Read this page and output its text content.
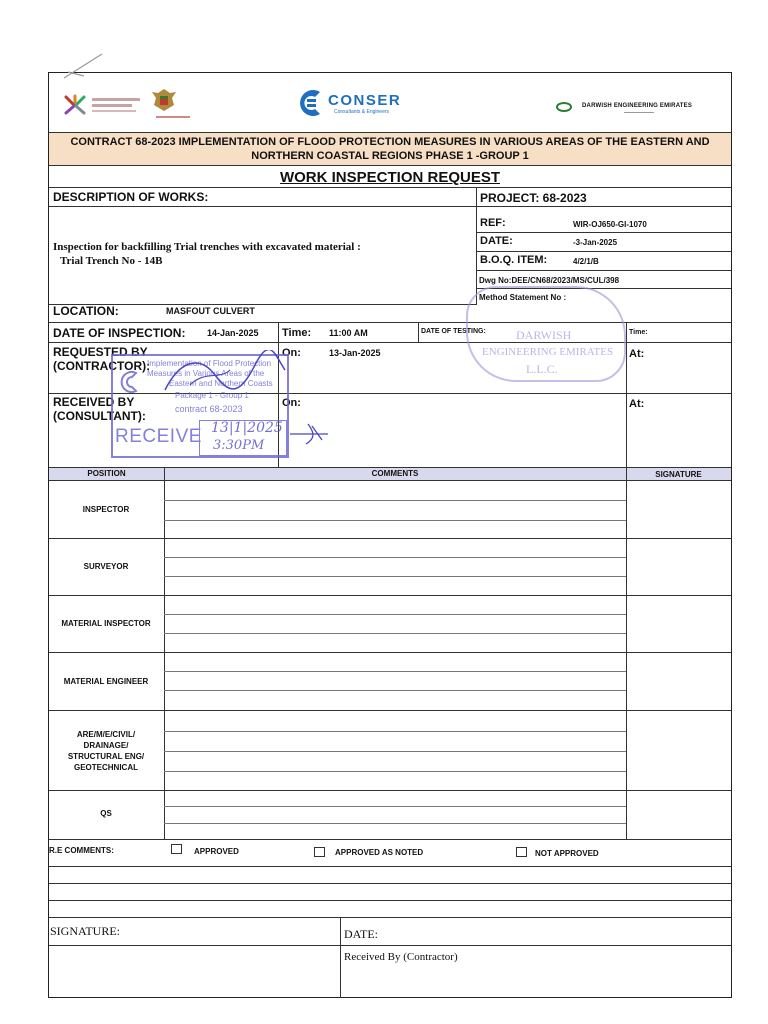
CONSER
Consultants & Engineers
DARWISH ENGINEERING EMIRATES
CONTRACT 68-2023 IMPLEMENTATION OF FLOOD PROTECTION MEASURES IN VARIOUS AREAS OF THE EASTERN AND NORTHERN COASTAL REGIONS PHASE 1 -GROUP 1
WORK INSPECTION REQUEST
DESCRIPTION OF WORKS:	PROJECT: 68-2023
Inspection for backfilling Trial trenches with excavated material :
Trial Trench No - 14B
REF:	WIR-OJ650-GI-1070
DATE:	-3-Jan-2025
B.O.Q. ITEM:	4/2/1/B
Dwg No:DEE/CN68/2023/MS/CUL/398
Method Statement No :
LOCATION:	MASFOUT CULVERT
DATE OF INSPECTION: 14-Jan-2025 Time: 11:00 AM	DATE OF TESTING:	Time:
REQUESTED BY
(CONTRACTOR):
On:	13-Jan-2025	At:
RECEIVED BY
(CONSULTANT):
On:	At:
POSITION	COMMENTS	SIGNATURE
INSPECTOR
SURVEYOR
MATERIAL INSPECTOR
MATERIAL ENGINEER
ARE/M/E/CIVIL/
DRAINAGE/
STRUCTURAL ENG/
GEOTECHNICAL
QS
R.E COMMENTS:	APPROVED	APPROVED AS NOTED	NOT APPROVED
SIGNATURE:	DATE:
Received By (Contractor)
Implementation of Flood Protection
Measures in Various Areas of the
Eastern and Northern Coasts
Package 1 - Group 1
contract 68-2023
RECEIVE 13|1|2025
3:30PM
DARWISH
ENGINEERING EMIRATES
L.L.C.
